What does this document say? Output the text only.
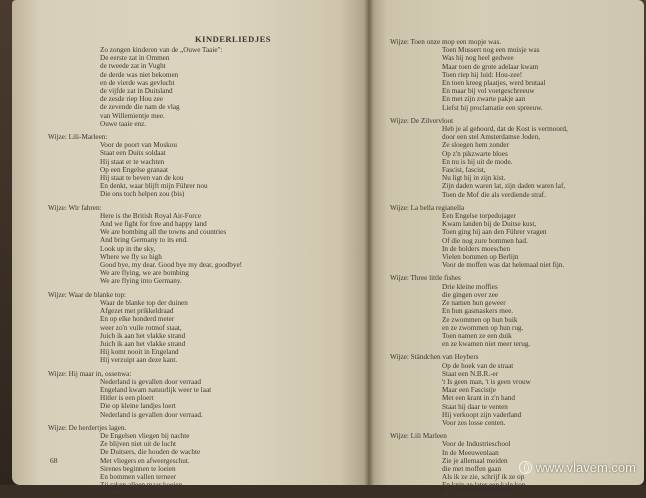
KINDERLIEDJES
Zo zongen kinderen van de „Ouwe Taaie":
De eerste zat in Ommen
de tweede zat in Vught
de derde was niet bekomen
en de vierde was gevlucht
de vijfde zat in Duitsland
de zesde riep Hou zee
de zevende die nam de vlag
van Willemientje mee.
Ouwe taaie enz.
Wijze: Lili-Marleen:
Voor de poort van Moskou
Staat een Duits soldaat
Hij staat er te wachten
Op een Engelse granaat
Hij staat te beven van de kou
En denkt, waar blijft mijn Führer nou
Die ons toch helpen zou (bis)
Wijze: Wir fahren:
Here is the British Royal Air-Force
And we fight for free and happy land
We are bombing all the towns and countries
And bring Germany to its end.
Look up in the sky,
Where we fly so high
Good bye, my dear. Good bye my dear, goodbye!
We are flying, we are bombing
We are flying into Germany.
Wijze: Waar de blanke top:
Waar de blanke top der duinen
Afgezet met prikkeldraad
En op elke honderd meter
weer zo'n vuile rotmof staat,
Juich ik aan het vlakke strand
Juich ik aan het vlakke strand
Hij komt nooit in Engeland
Hij verzuipt aan deze kant.
Wijze: Hij maar in, ossenwa:
Nederland is gevallen door verraad
Engeland kwam natuurlijk weer te laat
Hitler is een ploert
Die op kleine landjes loert
Nederland is gevallen door verraad.
Wijze: De herdertjes lagen.
De Engelsen vliegen bij nachte
Ze blijven niet uit de lucht
De Duitsers, die houden de wachte
Met vliegers en afweergeschut.
Sirenes beginnen te loeien
En bommen vallen terneer
Zij raken alleen maar koeien
Fabrieken die zijn er niet meer.
68
Wijze: Toen onze mop een mopje was.
Toen Mussert nog een muisje was
Was hij nog heel gedwee
Maar toen de grote adelaar kwam
Toen riep hij luid: Hou-zee!
En toen kreeg plaatjes, werd brutaal
En maar bij vol voetgeschreeuw
En met zijn zwarte pakje aan
Liefst hij proclamatie een spreeuw.
Wijze: De Zilvervloot
Heb je al gehoord, dat de Kost is vermoord,
door een stel Amsterdamse Joden,
Ze sloegen hem zonder
Op z'n pikzwarte bloes
En nu is hij uit de mode.
Fascist, fascist,
Nu ligt hij in zijn kist.
Zijn daden waren lat, zijn daden waren laf,
Toen de Mof die als verdiende straf.
Wijze: La bella regianella
Een Engelse torpedojager
Kwam landen bij de Duitse kust,
Toen ging hij aan den Führer vragen
Of die nog zure bommen had.
In de holders moeschen
Vielen bommen op Berlijn
Voor de moffen was dat helemaal niet fijn.
Wijze: Three little fishes
Drie kleine moffies
die gingen over zee
Ze namen hun geweer
En hun gasmaskers mee.
Ze zwommen op hun buik
en ze zwommen op hun rug.
Toen namen ze een duik
en ze kwamen niet meer terug.
Wijze: Ständchen van Heybers
Op de hoek van de straat
Staat een N.B.R.-er
't Is geen man, 't is geen vrouw
Maar een Fascistje
Met een krant in z'n hand
Staat hij daar te venten
Hij verkoopt zijn vaderland
Voor zes losse centen.
Wijze: Lili Marleen
Voor de Industrieschool
In de Meeuwenlaan
Zie je allemaal meiden
die met moffen gaan
Als ik ze zie, schrijf ik ze op
En knip ze later een kale kop
Met een hakenkruis erop.
www.vlavem.com
